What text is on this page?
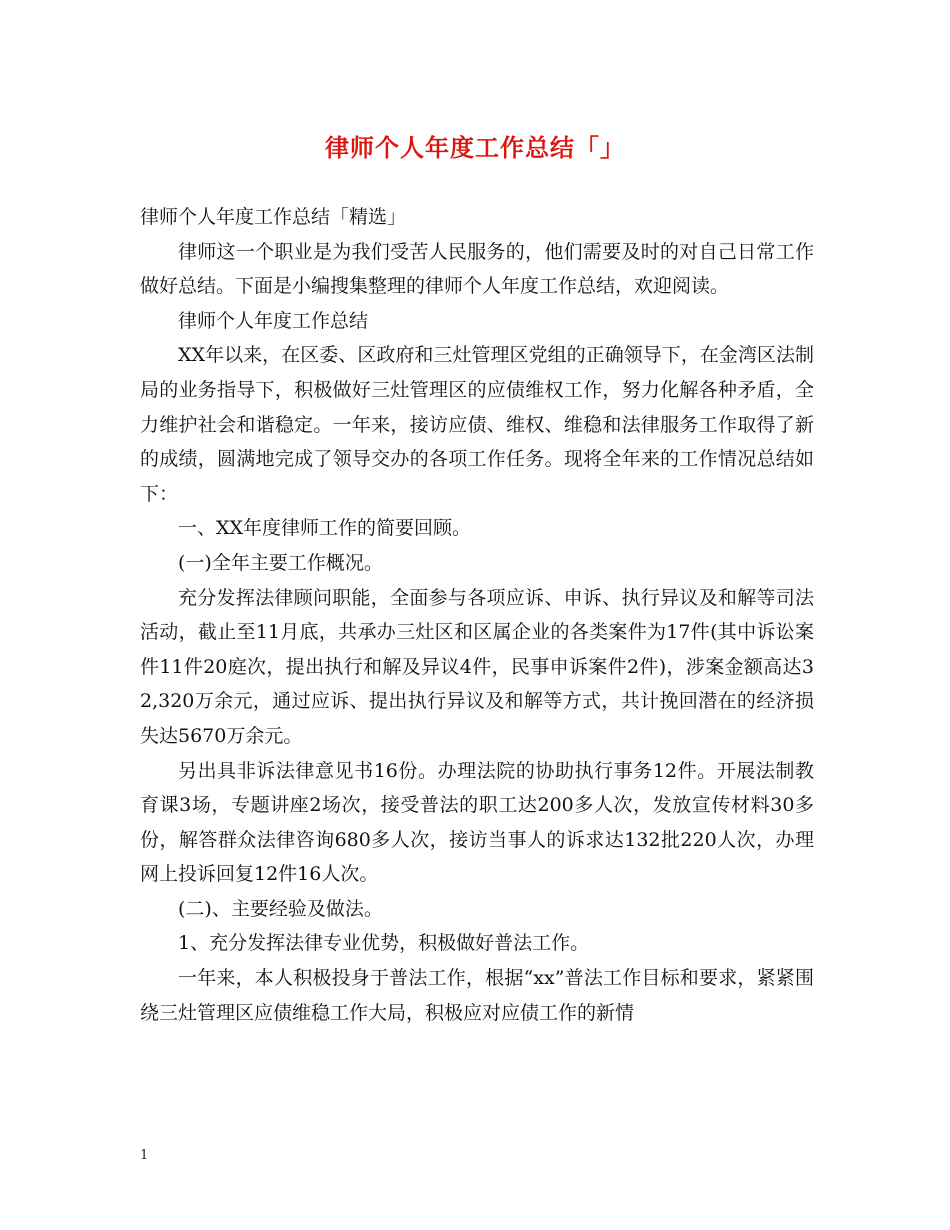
律师个人年度工作总结「」

律师个人年度工作总结「精选」

律师这一个职业是为我们受苦人民服务的，他们需要及时的对自己日常工作做好总结。下面是小编搜集整理的律师个人年度工作总结，欢迎阅读。

律师个人年度工作总结

XX年以来，在区委、区政府和三灶管理区党组的正确领导下，在金湾区法制局的业务指导下，积极做好三灶管理区的应债维权工作，努力化解各种矛盾，全力维护社会和谐稳定。一年来，接访应债、维权、维稳和法律服务工作取得了新的成绩，圆满地完成了领导交办的各项工作任务。现将全年来的工作情况总结如下：

一、XX年度律师工作的简要回顾。

(一)全年主要工作概况。

充分发挥法律顾问职能，全面参与各项应诉、申诉、执行异议及和解等司法活动，截止至11月底，共承办三灶区和区属企业的各类案件为17件(其中诉讼案件11件20庭次，提出执行和解及异议4件，民事申诉案件2件)，涉案金额高达32,320万余元，通过应诉、提出执行异议及和解等方式，共计挽回潜在的经济损失达5670万余元。

另出具非诉法律意见书16份。办理法院的协助执行事务12件。开展法制教育课3场，专题讲座2场次，接受普法的职工达200多人次，发放宣传材料30多份，解答群众法律咨询680多人次，接访当事人的诉求达132批220人次，办理网上投诉回复12件16人次。

(二)、主要经验及做法。

1、充分发挥法律专业优势，积极做好普法工作。

一年来，本人积极投身于普法工作，根据“xx”普法工作目标和要求，紧紧围绕三灶管理区应债维稳工作大局，积极应对应债工作的新情

1
